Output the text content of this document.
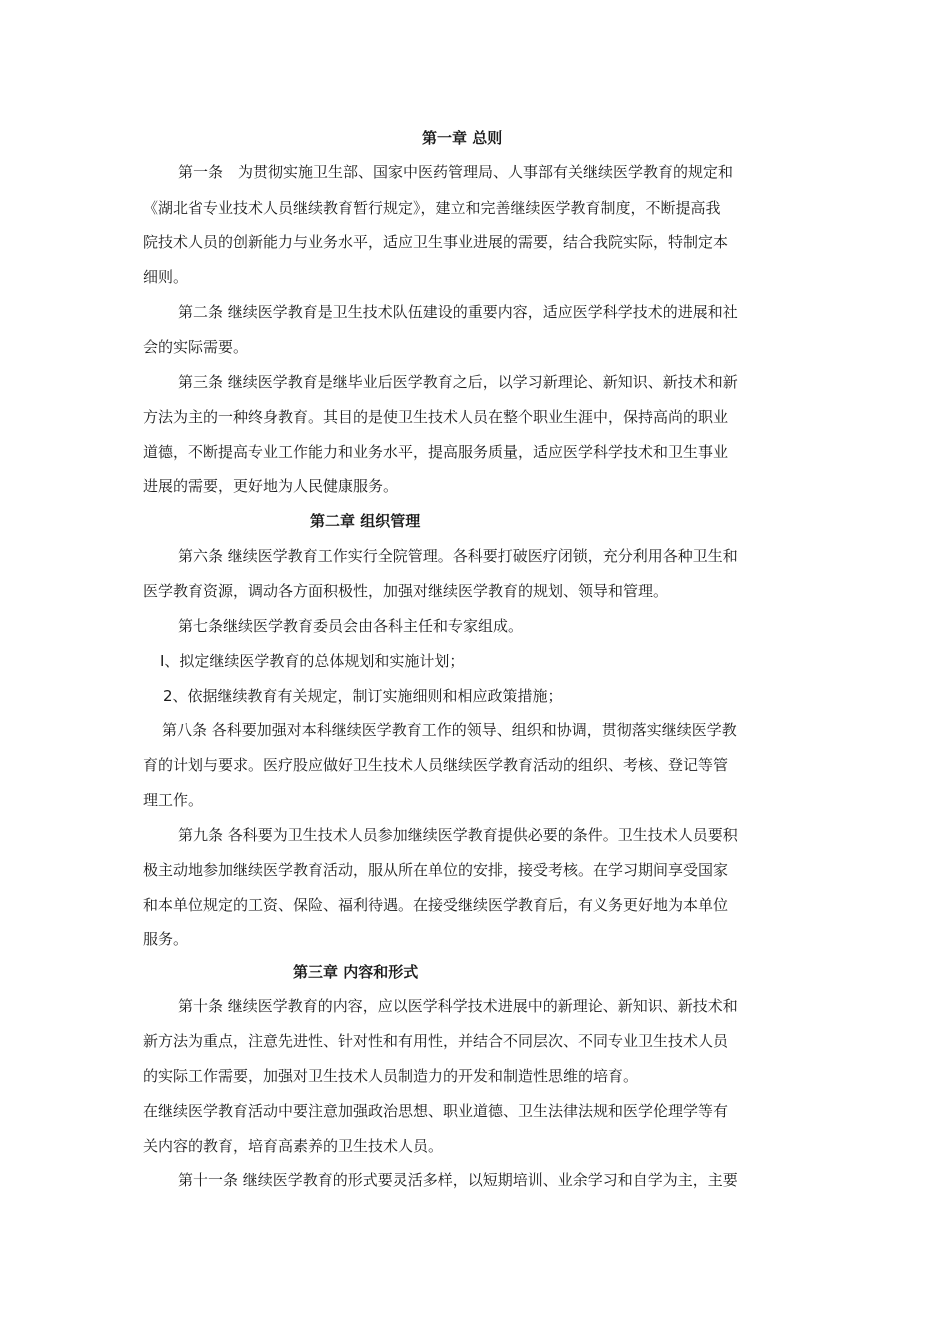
第一章 总则
第一条　为贯彻实施卫生部、国家中医药管理局、人事部有关继续医学教育的规定和
《湖北省专业技术人员继续教育暂行规定》，建立和完善继续医学教育制度，不断提高我
院技术人员的创新能力与业务水平，适应卫生事业进展的需要，结合我院实际，特制定本
细则。
第二条 继续医学教育是卫生技术队伍建设的重要内容，适应医学科学技术的进展和社
会的实际需要。
第三条 继续医学教育是继毕业后医学教育之后，以学习新理论、新知识、新技术和新
方法为主的一种终身教育。其目的是使卫生技术人员在整个职业生涯中，保持高尚的职业
道德，不断提高专业工作能力和业务水平，提高服务质量，适应医学科学技术和卫生事业
进展的需要，更好地为人民健康服务。
第二章 组织管理
第六条 继续医学教育工作实行全院管理。各科要打破医疗闭锁，充分利用各种卫生和
医学教育资源，调动各方面积极性，加强对继续医学教育的规划、领导和管理。
第七条继续医学教育委员会由各科主任和专家组成。
I、拟定继续医学教育的总体规划和实施计划；
2、依据继续教育有关规定，制订实施细则和相应政策措施；
第八条 各科要加强对本科继续医学教育工作的领导、组织和协调，贯彻落实继续医学教
育的计划与要求。医疗股应做好卫生技术人员继续医学教育活动的组织、考核、登记等管
理工作。
第九条 各科要为卫生技术人员参加继续医学教育提供必要的条件。卫生技术人员要积
极主动地参加继续医学教育活动，服从所在单位的安排，接受考核。在学习期间享受国家
和本单位规定的工资、保险、福利待遇。在接受继续医学教育后，有义务更好地为本单位
服务。
第三章 内容和形式
第十条 继续医学教育的内容，应以医学科学技术进展中的新理论、新知识、新技术和
新方法为重点，注意先进性、针对性和有用性，并结合不同层次、不同专业卫生技术人员
的实际工作需要，加强对卫生技术人员制造力的开发和制造性思维的培育。
在继续医学教育活动中要注意加强政治思想、职业道德、卫生法律法规和医学伦理学等有
关内容的教育，培育高素养的卫生技术人员。
第十一条 继续医学教育的形式要灵活多样，以短期培训、业余学习和自学为主，主要
